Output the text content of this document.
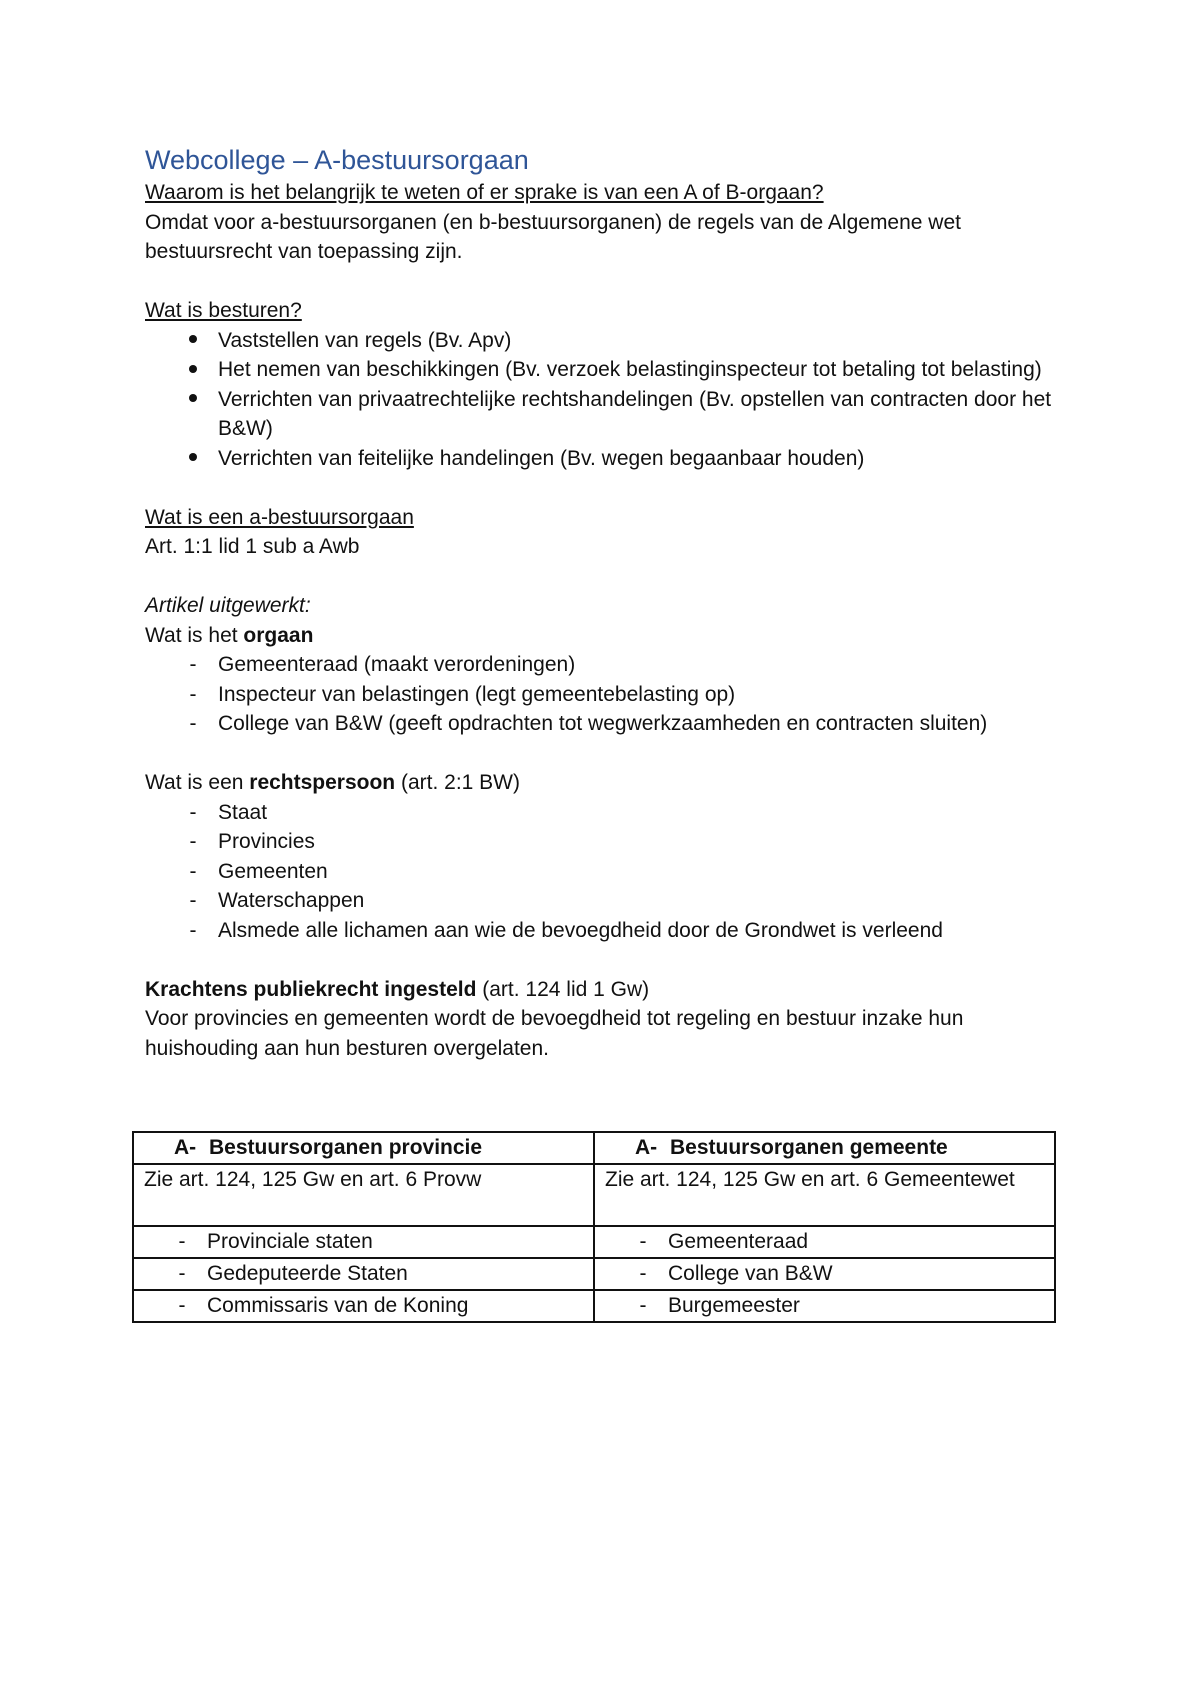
Webcollege – A-bestuursorgaan
Waarom is het belangrijk te weten of er sprake is van een A of B-orgaan?
Omdat voor a-bestuursorganen (en b-bestuursorganen) de regels van de Algemene wet bestuursrecht van toepassing zijn.
Wat is besturen?
Vaststellen van regels (Bv. Apv)
Het nemen van beschikkingen (Bv. verzoek belastinginspecteur tot betaling tot belasting)
Verrichten van privaatrechtelijke rechtshandelingen (Bv. opstellen van contracten door het B&W)
Verrichten van feitelijke handelingen (Bv. wegen begaanbaar houden)
Wat is een a-bestuursorgaan
Art. 1:1 lid 1 sub a Awb
Artikel uitgewerkt:
Wat is het orgaan
-	Gemeenteraad (maakt verordeningen)
-	Inspecteur van belastingen (legt gemeentebelasting op)
-	College van B&W (geeft opdrachten tot wegwerkzaamheden en contracten sluiten)
Wat is een rechtspersoon (art. 2:1 BW)
-	Staat
-	Provincies
-	Gemeenten
-	Waterschappen
-	Alsmede alle lichamen aan wie de bevoegdheid door de Grondwet is verleend
Krachtens publiekrecht ingesteld (art. 124 lid 1 Gw)
Voor provincies en gemeenten wordt de bevoegdheid tot regeling en bestuur inzake hun huishouding aan hun besturen overgelaten.
A- Bestuursorganen provincie	A- Bestuursorganen gemeente
Zie art. 124, 125 Gw en art. 6 Provw	Zie art. 124, 125 Gw en art. 6 Gemeentewet

- Provinciale staten	- Gemeenteraad

- Gedeputeerde Staten	- College van B&W

- Commissaris van de Koning	- Burgemeester
